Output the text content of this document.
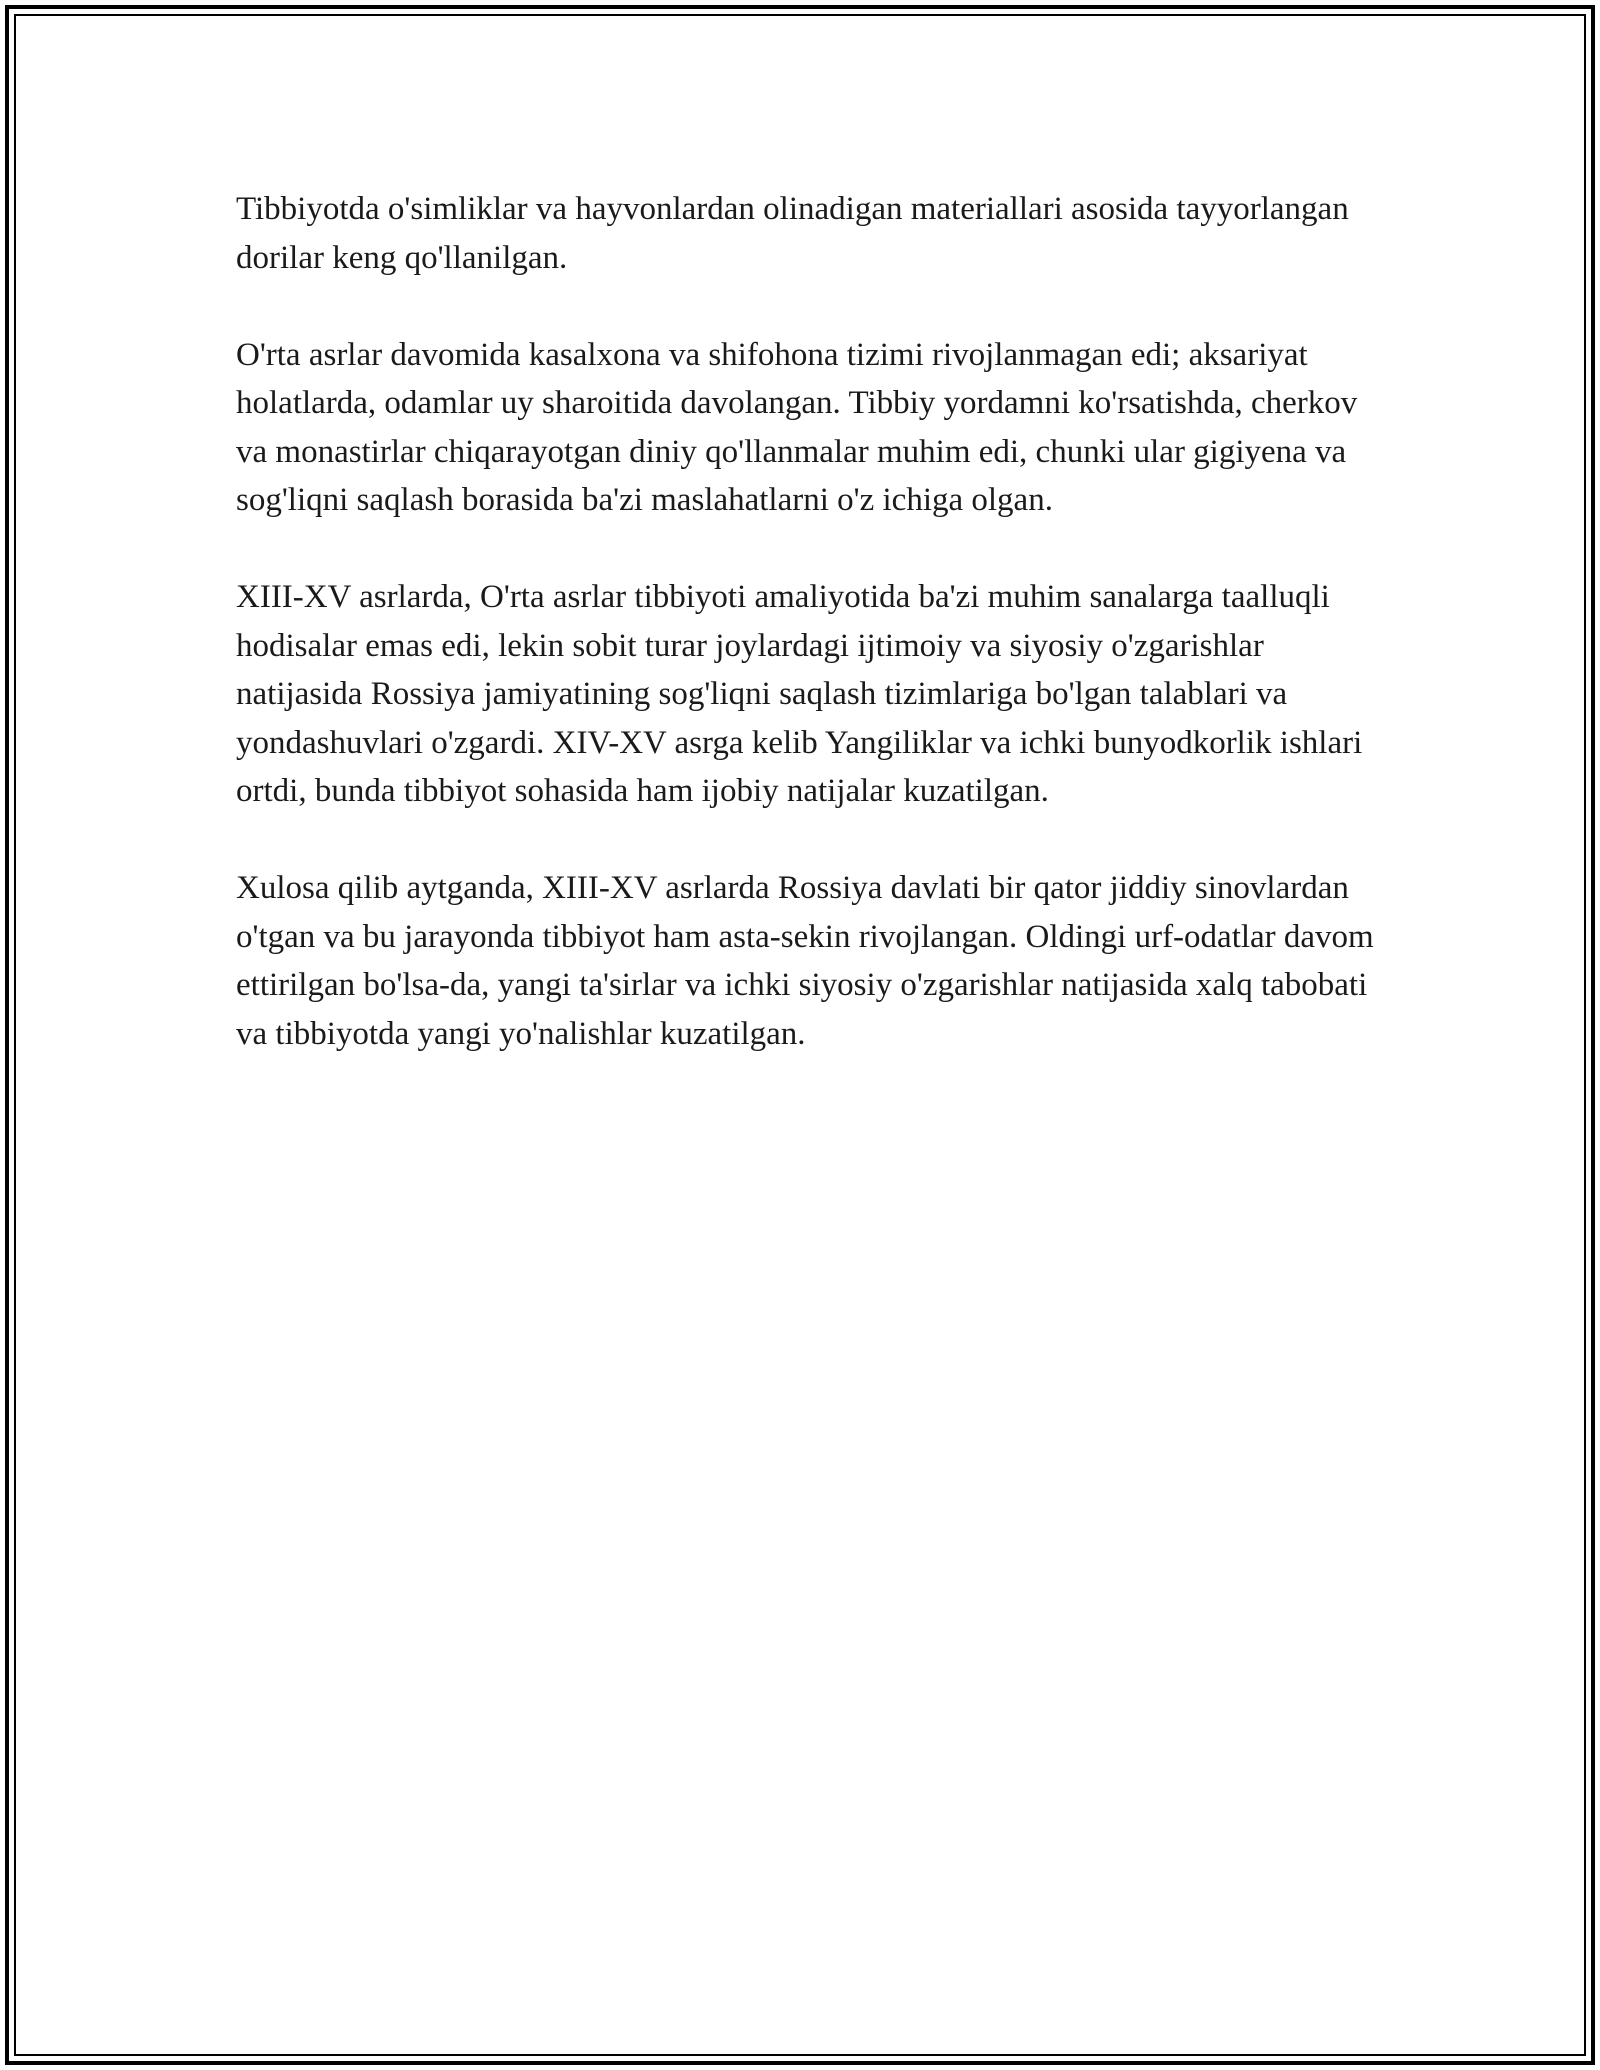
Tibbiyotda o'simliklar va hayvonlardan olinadigan materiallari asosida tayyorlangan dorilar keng qo'llanilgan.

O'rta asrlar davomida kasalxona va shifohona tizimi rivojlanmagan edi; aksariyat holatlarda, odamlar uy sharoitida davolangan. Tibbiy yordamni ko'rsatishda, cherkov va monastirlar chiqarayotgan diniy qo'llanmalar muhim edi, chunki ular gigiyena va sog'liqni saqlash borasida ba'zi maslahatlarni o'z ichiga olgan.

XIII-XV asrlarda, O'rta asrlar tibbiyoti amaliyotida ba'zi muhim sanalarga taalluqli hodisalar emas edi, lekin sobit turar joylardagi ijtimoiy va siyosiy o'zgarishlar natijasida Rossiya jamiyatining sog'liqni saqlash tizimlariga bo'lgan talablari va yondashuvlari o'zgardi. XIV-XV asrga kelib Yangiliklar va ichki bunyodkorlik ishlari ortdi, bunda tibbiyot sohasida ham ijobiy natijalar kuzatilgan.

Xulosa qilib aytganda, XIII-XV asrlarda Rossiya davlati bir qator jiddiy sinovlardan o'tgan va bu jarayonda tibbiyot ham asta-sekin rivojlangan. Oldingi urf-odatlar davom ettirilgan bo'lsa-da, yangi ta'sirlar va ichki siyosiy o'zgarishlar natijasida xalq tabobati va tibbiyotda yangi yo'nalishlar kuzatilgan.
